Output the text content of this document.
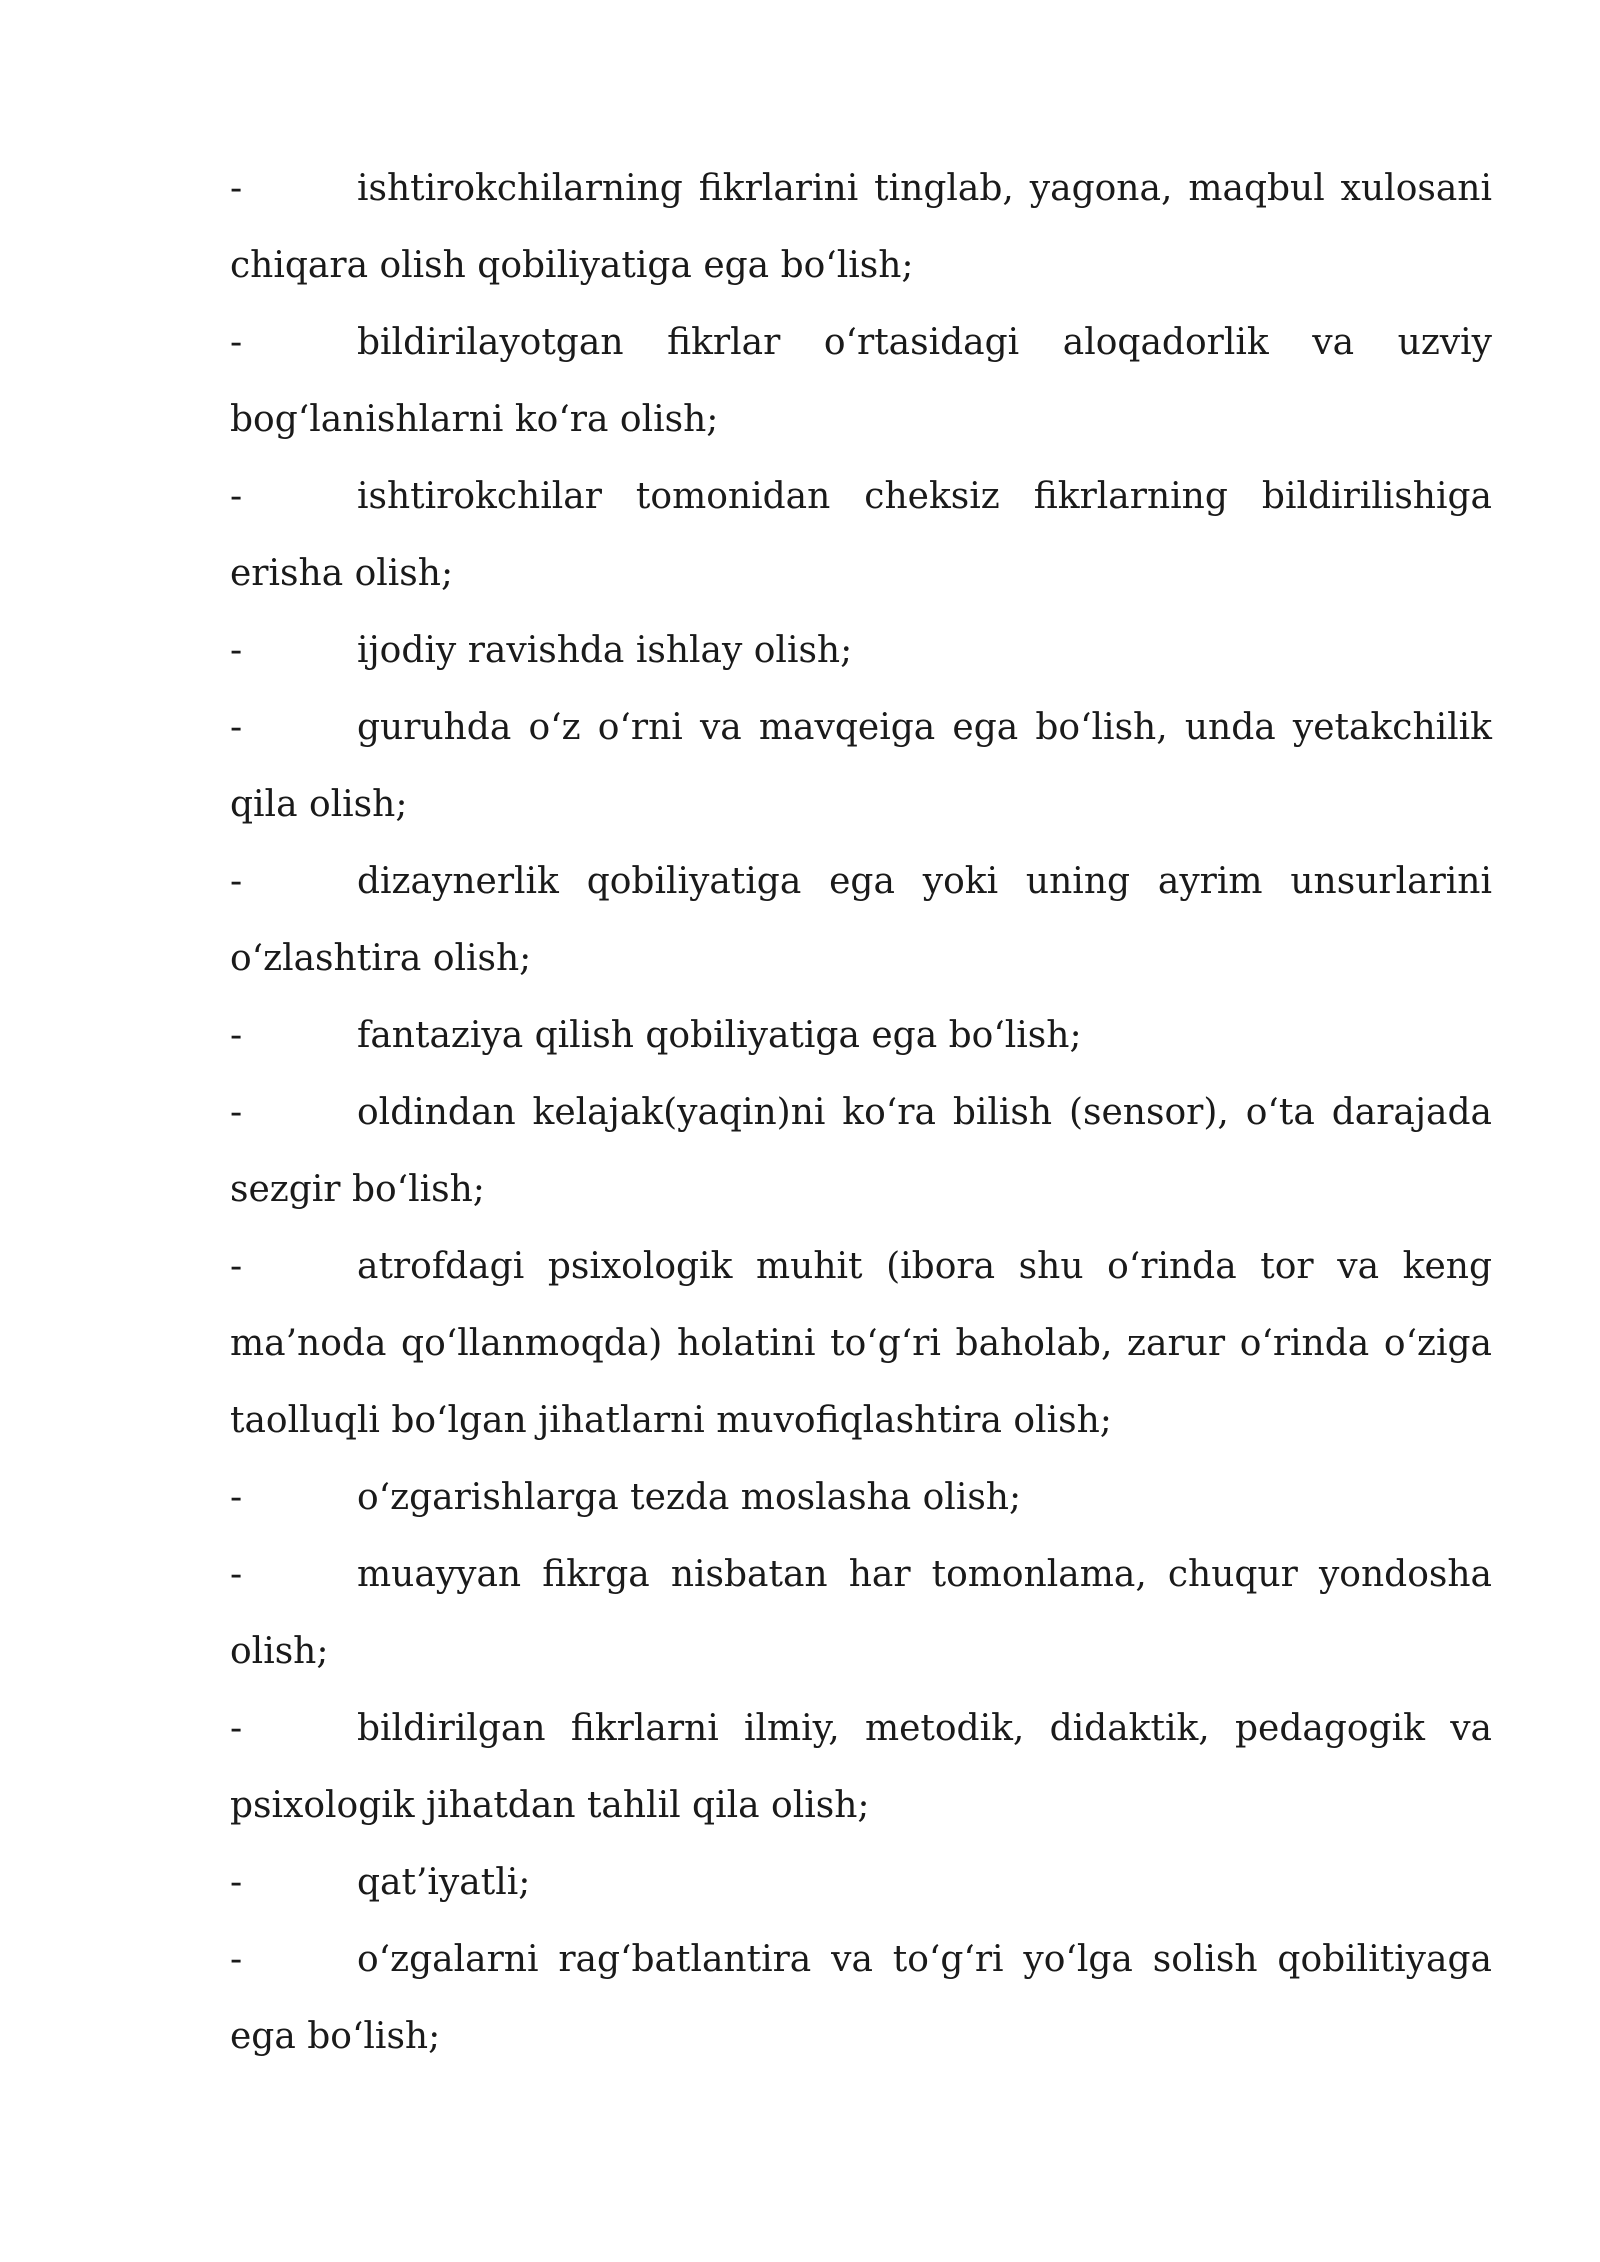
-	ishtirokchilarning fikrlarini tinglab, yagona, maqbul xulosani chiqara olish qobiliyatiga ega bo‘lish;
-	bildirilayotgan fikrlar o‘rtasidagi aloqadorlik va uzviy bog‘lanishlarni ko‘ra olish;
-	ishtirokchilar tomonidan cheksiz fikrlarning bildirilishiga erisha olish;
-	ijodiy ravishda ishlay olish;
-	guruhda o‘z o‘rni va mavqeiga ega bo‘lish, unda yetakchilik qila olish;
-	dizaynerlik qobiliyatiga ega yoki uning ayrim unsurlarini o‘zlashtira olish;
-	fantaziya qilish qobiliyatiga ega bo‘lish;
-	oldindan kelajak(yaqin)ni ko‘ra bilish (sensor), o‘ta darajada sezgir bo‘lish;
-	atrofdagi psixologik muhit (ibora shu o‘rinda tor va keng ma’noda qo‘llanmoqda) holatini to‘g‘ri baholab, zarur o‘rinda o‘ziga taolluqli bo‘lgan jihatlarni muvofiqlashtira olish;
-	o‘zgarishlarga tezda moslasha olish;
-	muayyan fikrga nisbatan har tomonlama, chuqur yondosha olish;
-	bildirilgan fikrlarni ilmiy, metodik, didaktik, pedagogik va psixologik jihatdan tahlil qila olish;
-	qat’iyatli;
-	o‘zgalarni rag‘batlantira va to‘g‘ri yo‘lga solish qobilitiyaga ega bo‘lish;
